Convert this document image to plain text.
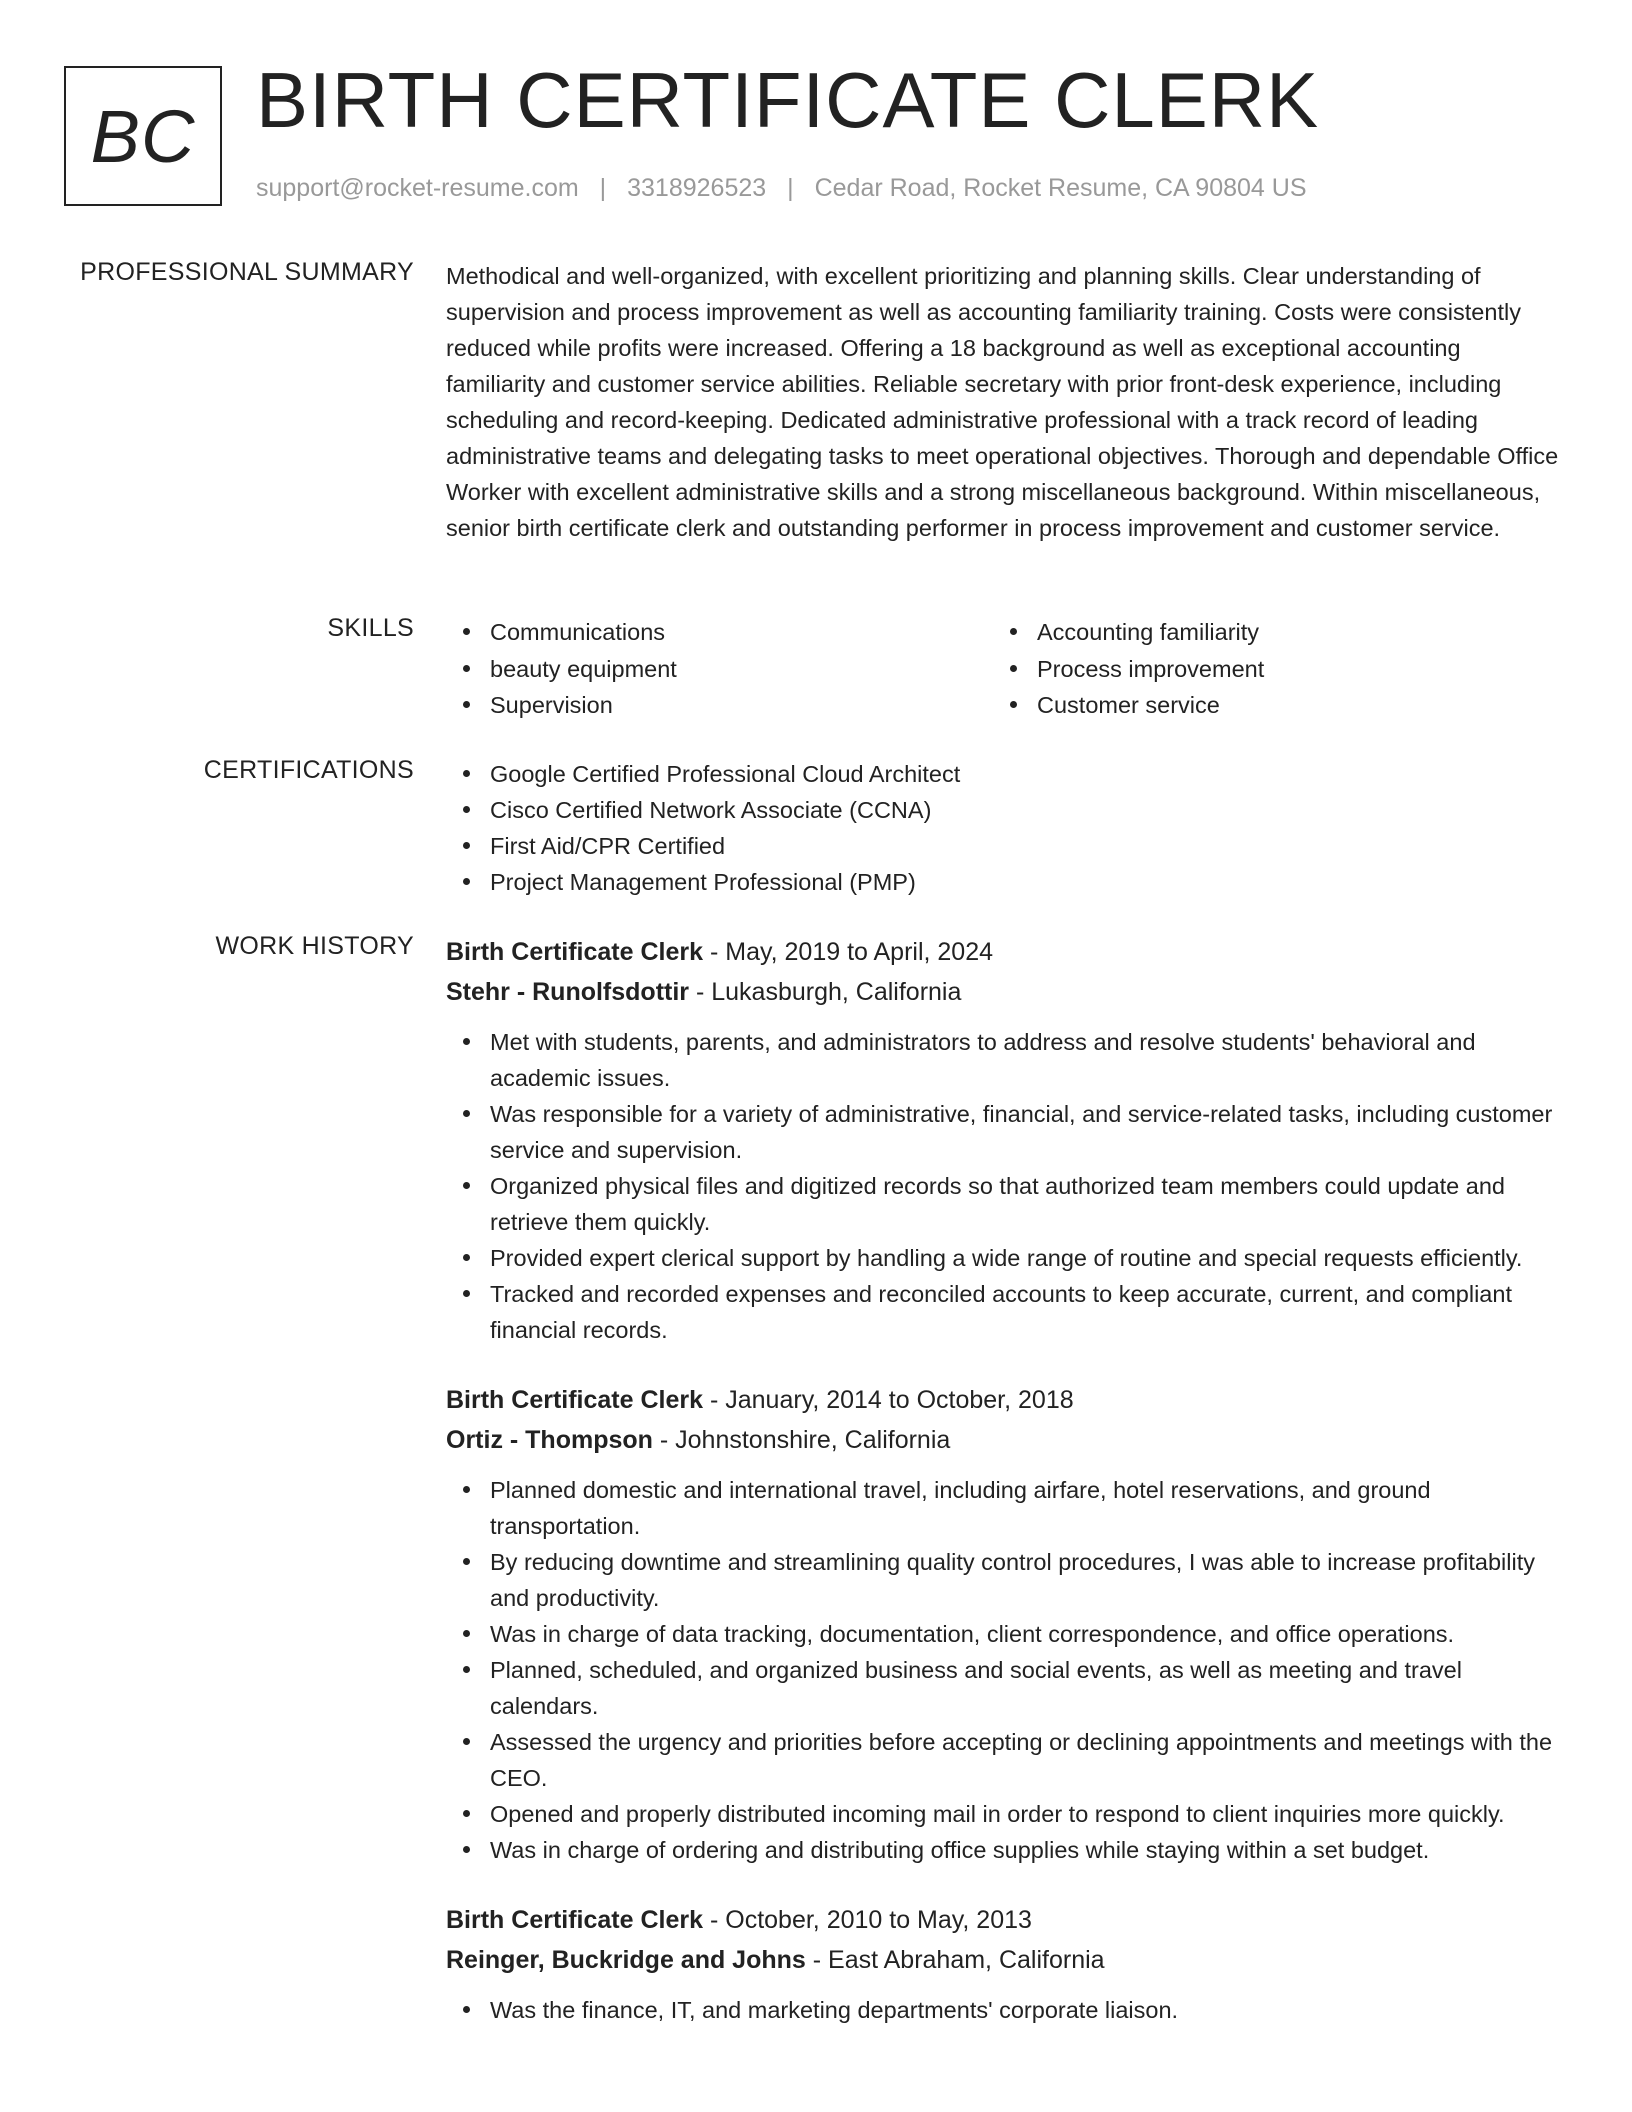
BC BIRTH CERTIFICATE CLERK
support@rocket-resume.com | 3318926523 | Cedar Road, Rocket Resume, CA 90804 US
PROFESSIONAL SUMMARY Methodical and well-organized, with excellent prioritizing and planning skills. Clear understanding of supervision and process improvement as well as accounting familiarity training. Costs were consistently reduced while profits were increased. Offering a 18 background as well as exceptional accounting familiarity and customer service abilities. Reliable secretary with prior front-desk experience, including scheduling and record-keeping. Dedicated administrative professional with a track record of leading administrative teams and delegating tasks to meet operational objectives. Thorough and dependable Office Worker with excellent administrative skills and a strong miscellaneous background. Within miscellaneous, senior birth certificate clerk and outstanding performer in process improvement and customer service.

SKILLS	Communications	Accounting familiarity
beauty equipment	Process improvement
Supervision	Customer service
CERTIFICATIONS	Google Certified Professional Cloud Architect
Cisco Certified Network Associate (CCNA)
First Aid/CPR Certified
Project Management Professional (PMP)
WORK HISTORY Birth Certificate Clerk - May, 2019 to April, 2024
Stehr - Runolfsdottir - Lukasburgh, California
Met with students, parents, and administrators to address and resolve students' behavioral and academic issues.
Was responsible for a variety of administrative, financial, and service-related tasks, including customer service and supervision.
Organized physical files and digitized records so that authorized team members could update and retrieve them quickly.
Provided expert clerical support by handling a wide range of routine and special requests efficiently.
Tracked and recorded expenses and reconciled accounts to keep accurate, current, and compliant financial records.
Birth Certificate Clerk - January, 2014 to October, 2018
Ortiz - Thompson - Johnstonshire, California
Planned domestic and international travel, including airfare, hotel reservations, and ground transportation.
By reducing downtime and streamlining quality control procedures, I was able to increase profitability and productivity.
Was in charge of data tracking, documentation, client correspondence, and office operations.
Planned, scheduled, and organized business and social events, as well as meeting and travel calendars.
Assessed the urgency and priorities before accepting or declining appointments and meetings with the CEO.
Opened and properly distributed incoming mail in order to respond to client inquiries more quickly.
Was in charge of ordering and distributing office supplies while staying within a set budget.
Birth Certificate Clerk - October, 2010 to May, 2013
Reinger, Buckridge and Johns - East Abraham, California
Was the finance, IT, and marketing departments' corporate liaison.
